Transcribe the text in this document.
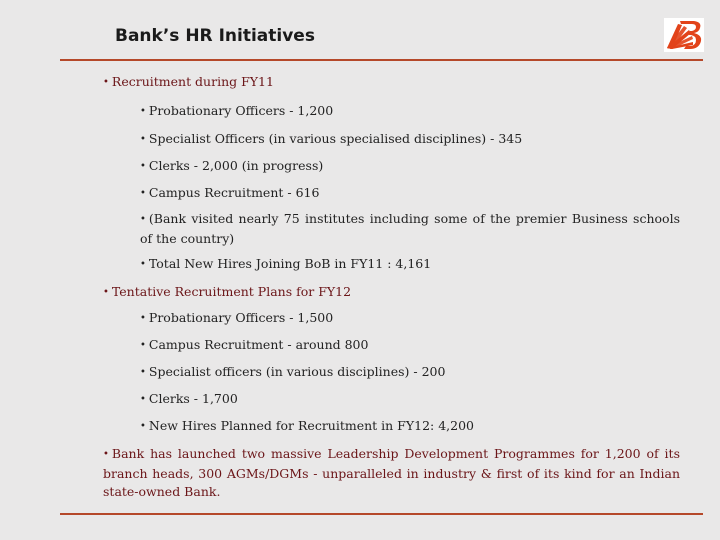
Bank’s HR Initiatives
• Recruitment during FY11
• Probationary Officers - 1,200
• Specialist Officers (in various specialised disciplines) - 345
• Clerks - 2,000 (in progress)
• Campus Recruitment - 616
• (Bank visited nearly 75 institutes including some of the premier Business schools of the country)
• Total New Hires Joining BoB in FY11 : 4,161
• Tentative Recruitment Plans for FY12
• Probationary Officers - 1,500
• Campus Recruitment - around 800
• Specialist officers (in various disciplines) - 200
• Clerks - 1,700
• New Hires Planned for Recruitment in FY12: 4,200
• Bank has launched two massive Leadership Development Programmes for 1,200 of its branch heads, 300 AGMs/DGMs - unparalleled in industry & first of its kind for an Indian state-owned Bank.
